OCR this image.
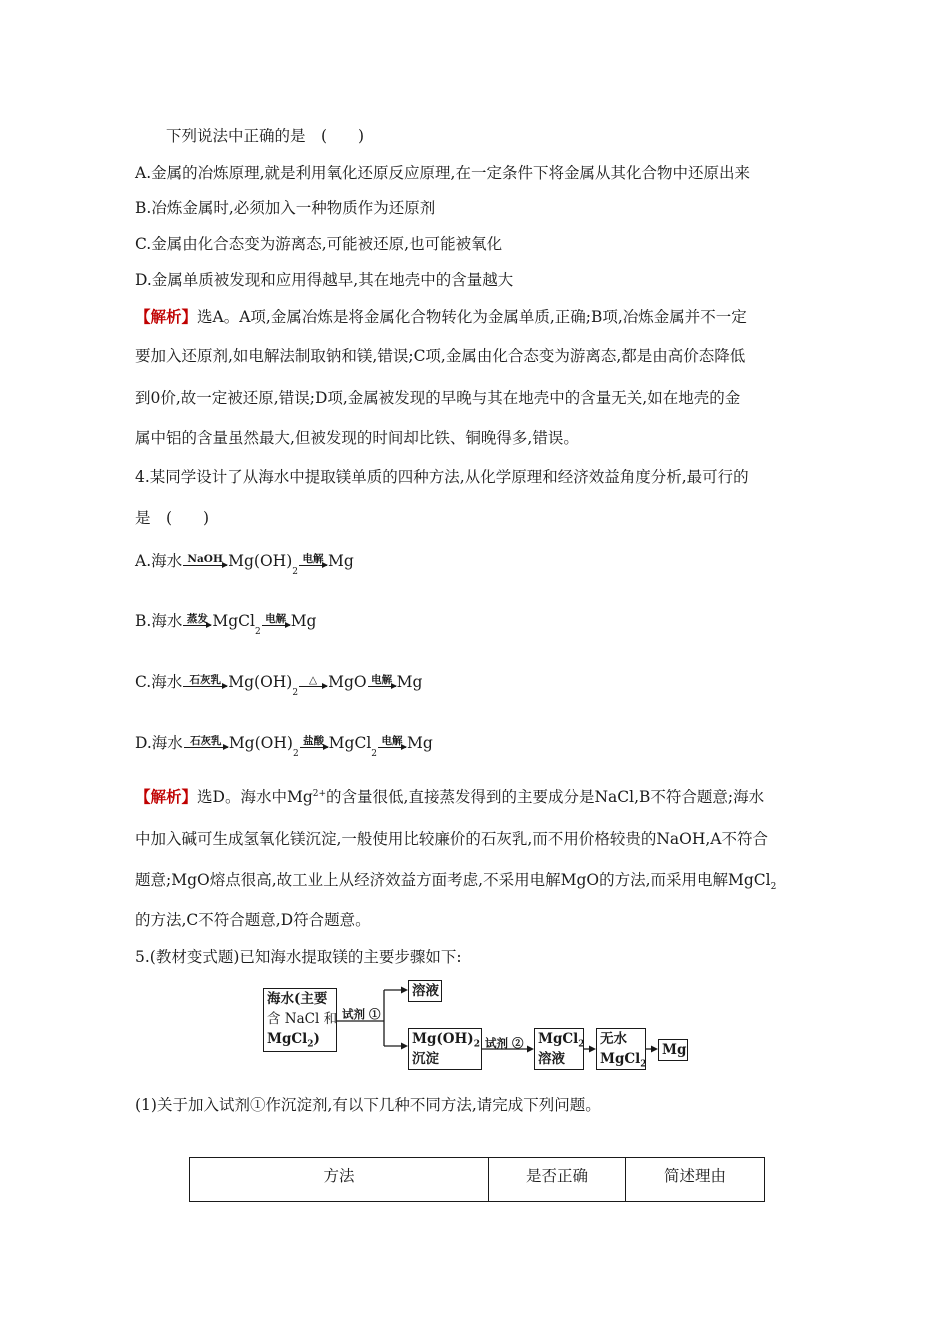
下列说法中正确的是　(　　)
A.金属的冶炼原理,就是利用氧化还原反应原理,在一定条件下将金属从其化合物中还原出来
B.冶炼金属时,必须加入一种物质作为还原剂
C.金属由化合态变为游离态,可能被还原,也可能被氧化
D.金属单质被发现和应用得越早,其在地壳中的含量越大
【解析】选A。A项,金属冶炼是将金属化合物转化为金属单质,正确;B项,冶炼金属并不一定
要加入还原剂,如电解法制取钠和镁,错误;C项,金属由化合态变为游离态,都是由高价态降低
到0价,故一定被还原,错误;D项,金属被发现的早晚与其在地壳中的含量无关,如在地壳的金
属中铝的含量虽然最大,但被发现的时间却比铁、铜晚得多,错误。
4.某同学设计了从海水中提取镁单质的四种方法,从化学原理和经济效益角度分析,最可行的
是　(　　)
A.海水 NaOH Mg(OH)
2
电解 Mg
B.海水 蒸发 MgCl
2
电解 Mg
C.海水 石灰乳 Mg(OH)
2
△ MgO 电解 Mg
D.海水 石灰乳 Mg(OH)
2
盐酸 MgCl
2
电解 Mg
【解析】选D。海水中$Mg^{2+}$的含量很低,直接蒸发得到的主要成分是NaCl,B不符合题意;海水
中加入碱可生成氢氧化镁沉淀,一般使用比较廉价的石灰乳,而不用价格较贵的NaOH,A不符合
题意;MgO熔点很高,故工业上从经济效益方面考虑,不采用电解MgO的方法,而采用电解MgCl$_2$
的方法,C不符合题意,D符合题意。
5.(教材变式题)已知海水提取镁的主要步骤如下:
海水(主要
含 NaCl 和
MgCl$_2$)
试剂 ①
溶液
$Mg(OH)_2$
沉淀
试剂 ② MgCl$_2$
溶液
无水
MgCl$_2$
Mg
(1)关于加入试剂①作沉淀剂,有以下几种不同方法,请完成下列问题。
方法	是否正确	简述理由
